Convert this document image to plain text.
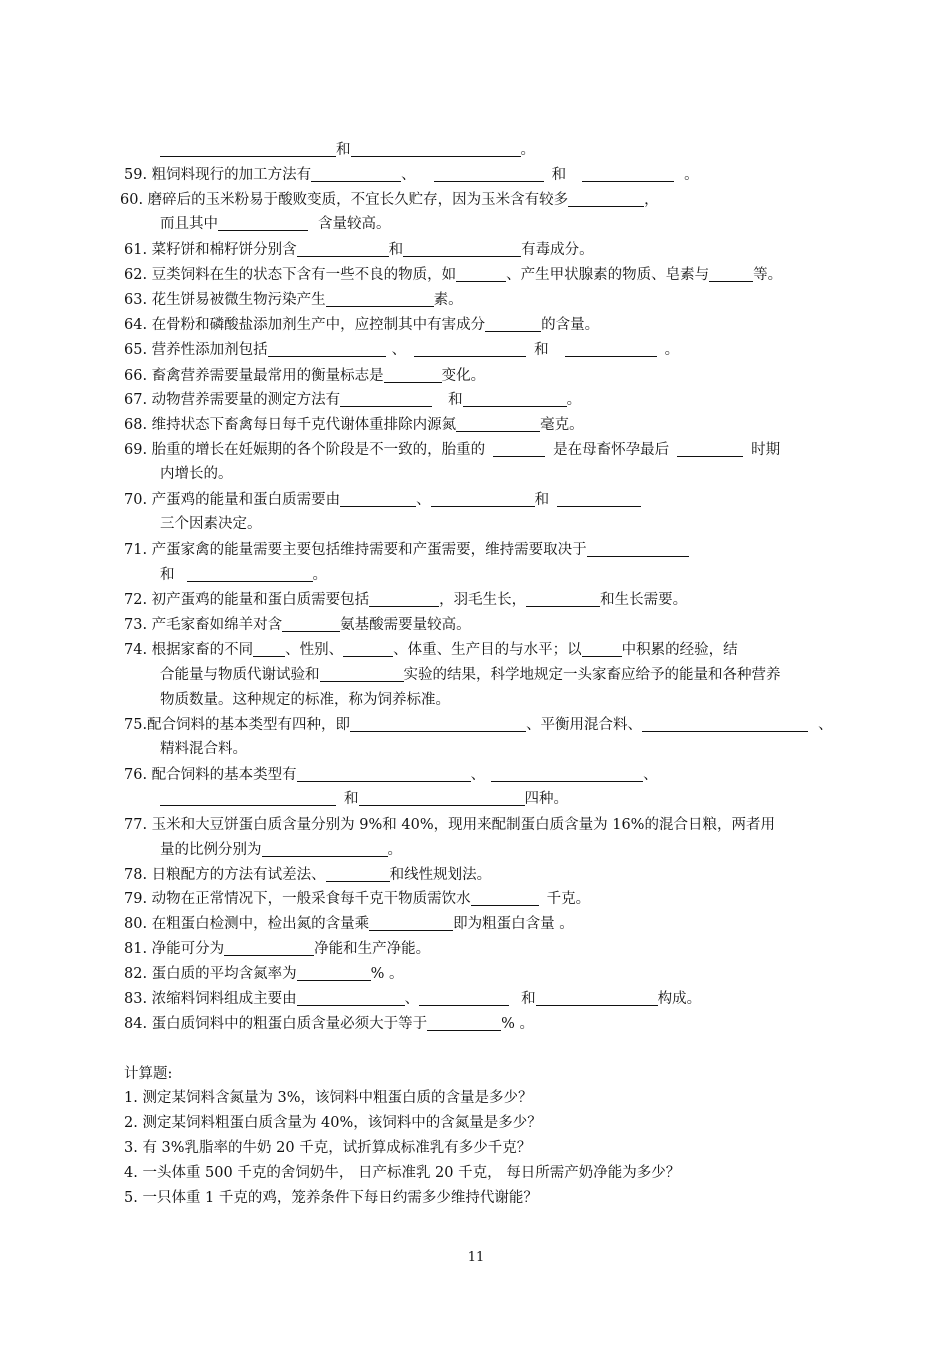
和	。
59. 粗饲料现行的加工方法有	、	和	。
60. 磨碎后的玉米粉易于酸败变质，不宜长久贮存，因为玉米含有较多	，
而且其中	含量较高。
61. 菜籽饼和棉籽饼分别含	和	有毒成分。
62. 豆类饲料在生的状态下含有一些不良的物质，如	、产生甲状腺素的物质、皂素与	等。
63. 花生饼易被微生物污染产生	素。
64. 在骨粉和磷酸盐添加剂生产中，应控制其中有害成分	的含量。
65. 营养性添加剂包括	、	和	。
66. 畜禽营养需要量最常用的衡量标志是	变化。
67. 动物营养需要量的测定方法有	和	。
68. 维持状态下畜禽每日每千克代谢体重排除内源氮	毫克。
69. 胎重的增长在妊娠期的各个阶段是不一致的，胎重的	是在母畜怀孕最后	时期
内增长的。
70. 产蛋鸡的能量和蛋白质需要由	、	和
三个因素决定。
71. 产蛋家禽的能量需要主要包括维持需要和产蛋需要，维持需要取决于
和	。
72. 初产蛋鸡的能量和蛋白质需要包括	，羽毛生长，	和生长需要。
73. 产毛家畜如绵羊对含	氨基酸需要量较高。
74. 根据家畜的不同 、性别、	、体重、生产目的与水平；以	中积累的经验，结
合能量与物质代谢试验和	实验的结果，科学地规定一头家畜应给予的能量和各种营养
物质数量。这种规定的标准，称为饲养标准。
75.配合饲料的基本类型有四种，即	、平衡用混合料、	、
精料混合料。
76. 配合饲料的基本类型有	、	、
和	四种。
77. 玉米和大豆饼蛋白质含量分别为 9%和 40%，现用来配制蛋白质含量为 16%的混合日粮，两者用
量的比例分别为	。
78. 日粮配方的方法有试差法、	和线性规划法。
79. 动物在正常情况下，一般采食每千克干物质需饮水	千克。
80. 在粗蛋白检测中，检出氮的含量乘	即为粗蛋白含量 。
81. 净能可分为	净能和生产净能。
82. 蛋白质的平均含氮率为	% 。
83. 浓缩料饲料组成主要由	、	和	构成。
84. 蛋白质饲料中的粗蛋白质含量必须大于等于	% 。
计算题:
1. 测定某饲料含氮量为 3%，该饲料中粗蛋白质的含量是多少？
2. 测定某饲料粗蛋白质含量为 40%，该饲料中的含氮量是多少？
3. 有 3%乳脂率的牛奶 20 千克，试折算成标准乳有多少千克？
4. 一头体重 500 千克的舍饲奶牛， 日产标准乳 20 千克， 每日所需产奶净能为多少？
5. 一只体重 1 千克的鸡，笼养条件下每日约需多少维持代谢能？
11
